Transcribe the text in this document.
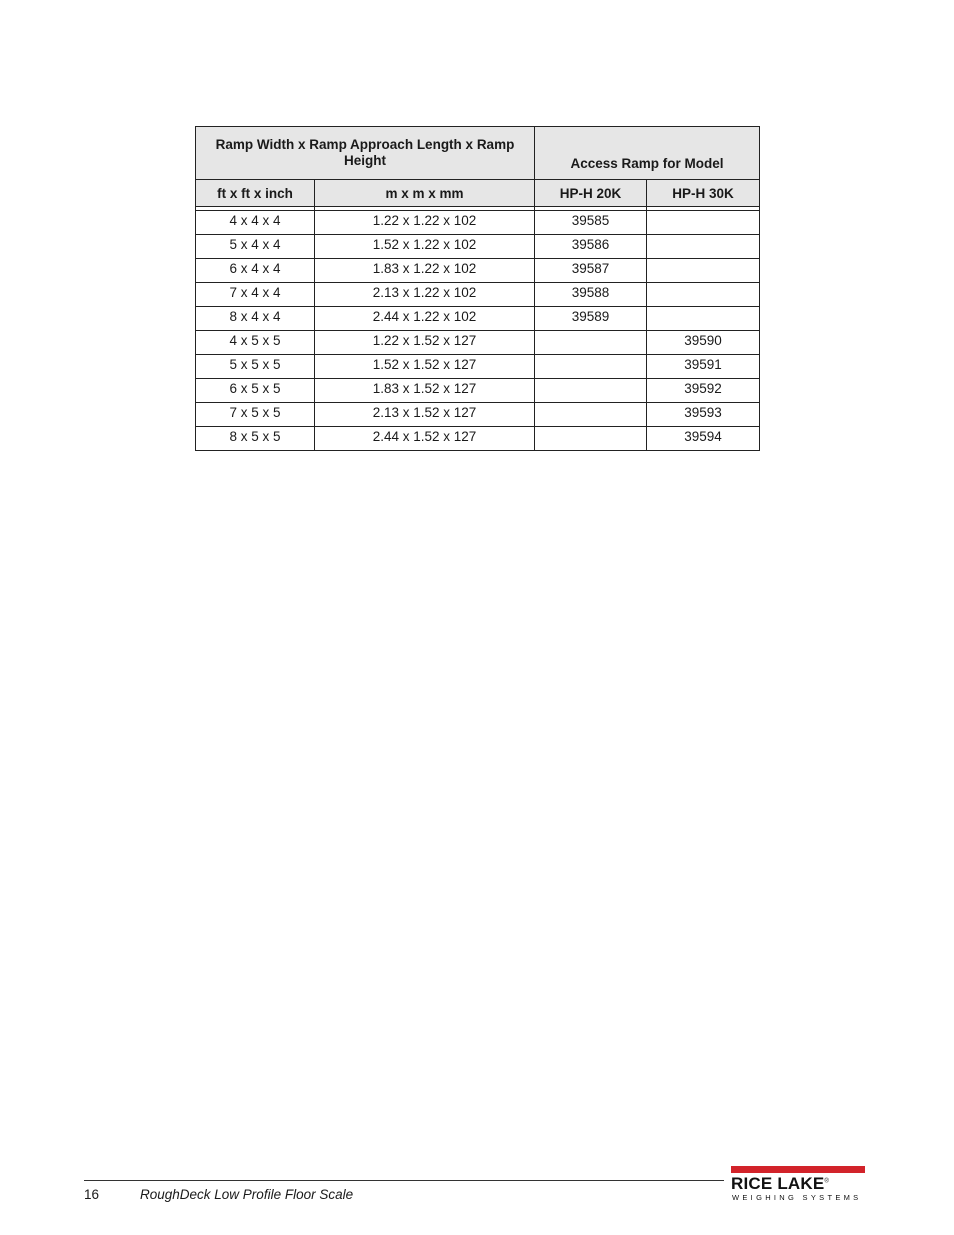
Ramp Width x Ramp Approach Length x Ramp Height		Access Ramp for Model	
ft x ft x inch	m x m x mm	HP-H 20K	HP-H 30K

4 x 4 x 4	1.22 x 1.22 x 102	39585	
5 x 4 x 4	1.52 x 1.22 x 102	39586	
6 x 4 x 4	1.83 x 1.22 x 102	39587	
7 x 4 x 4	2.13 x 1.22 x 102	39588	
8 x 4 x 4	2.44 x 1.22 x 102	39589	
4 x 5 x 5	1.22 x 1.52 x 127		39590
5 x 5 x 5	1.52 x 1.52 x 127		39591
6 x 5 x 5	1.83 x 1.52 x 127		39592
7 x 5 x 5	2.13 x 1.52 x 127		39593
8 x 5 x 5	2.44 x 1.52 x 127		39594
16	RoughDeck Low Profile Floor Scale
RICE LAKE®
WEIGHING SYSTEMS
